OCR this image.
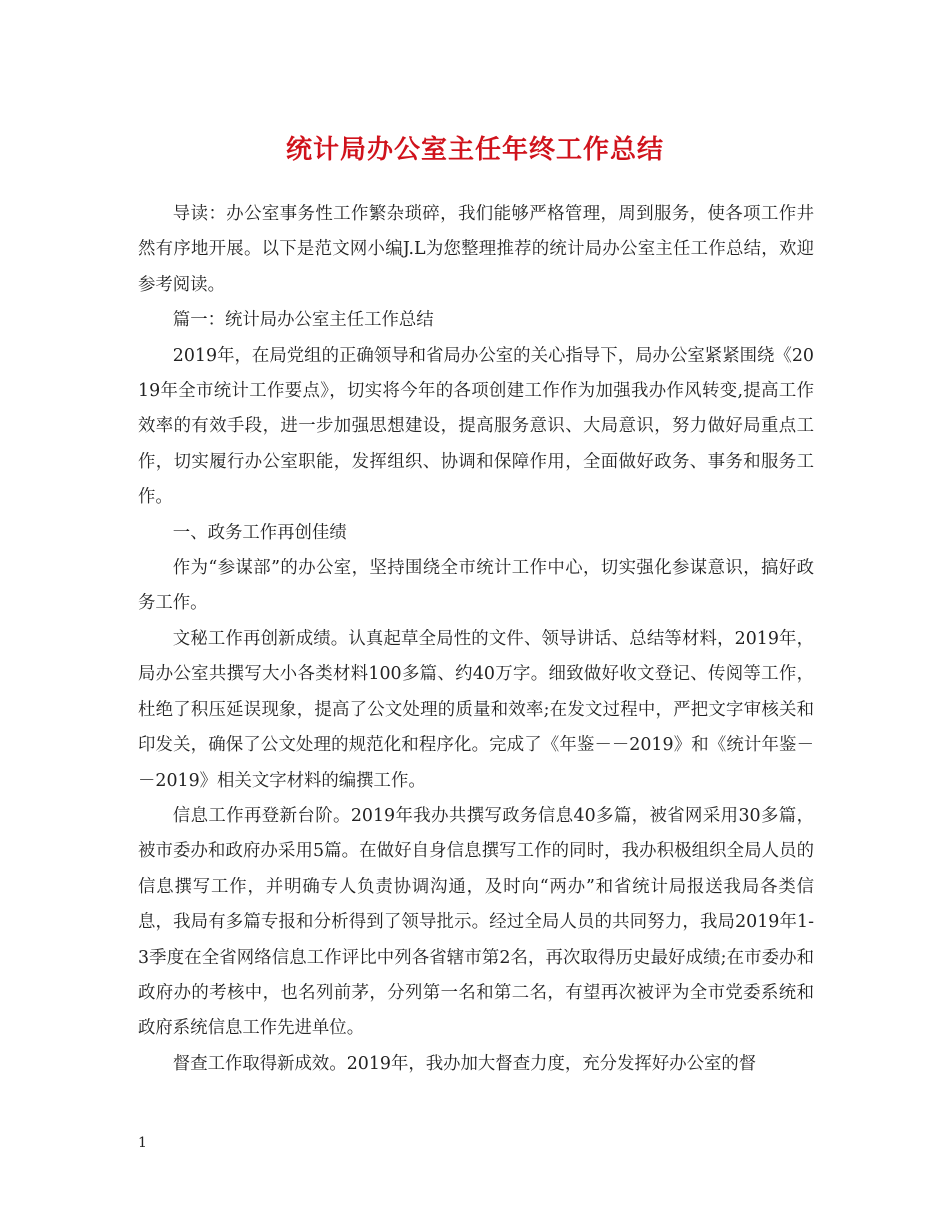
统计局办公室主任年终工作总结

导读：办公室事务性工作繁杂琐碎，我们能够严格管理，周到服务，使各项工作井然有序地开展。以下是范文网小编J.L为您整理推荐的统计局办公室主任工作总结，欢迎参考阅读。

篇一：统计局办公室主任工作总结

2019年，在局党组的正确领导和省局办公室的关心指导下，局办公室紧紧围绕《2019年全市统计工作要点》，切实将今年的各项创建工作作为加强我办作风转变,提高工作效率的有效手段，进一步加强思想建设，提高服务意识、大局意识，努力做好局重点工作，切实履行办公室职能，发挥组织、协调和保障作用，全面做好政务、事务和服务工作。

一、政务工作再创佳绩

作为“参谋部”的办公室，坚持围绕全市统计工作中心，切实强化参谋意识，搞好政务工作。

文秘工作再创新成绩。认真起草全局性的文件、领导讲话、总结等材料，2019年，局办公室共撰写大小各类材料100多篇、约40万字。细致做好收文登记、传阅等工作，杜绝了积压延误现象，提高了公文处理的质量和效率;在发文过程中，严把文字审核关和印发关，确保了公文处理的规范化和程序化。完成了《年鉴－－2019》和《统计年鉴－－2019》相关文字材料的编撰工作。

信息工作再登新台阶。2019年我办共撰写政务信息40多篇，被省网采用30多篇，被市委办和政府办采用5篇。在做好自身信息撰写工作的同时，我办积极组织全局人员的信息撰写工作，并明确专人负责协调沟通，及时向“两办”和省统计局报送我局各类信息，我局有多篇专报和分析得到了领导批示。经过全局人员的共同努力，我局2019年1-3季度在全省网络信息工作评比中列各省辖市第2名，再次取得历史最好成绩;在市委办和政府办的考核中，也名列前茅，分列第一名和第二名，有望再次被评为全市党委系统和政府系统信息工作先进单位。

督查工作取得新成效。2019年，我办加大督查力度，充分发挥好办公室的督

1
